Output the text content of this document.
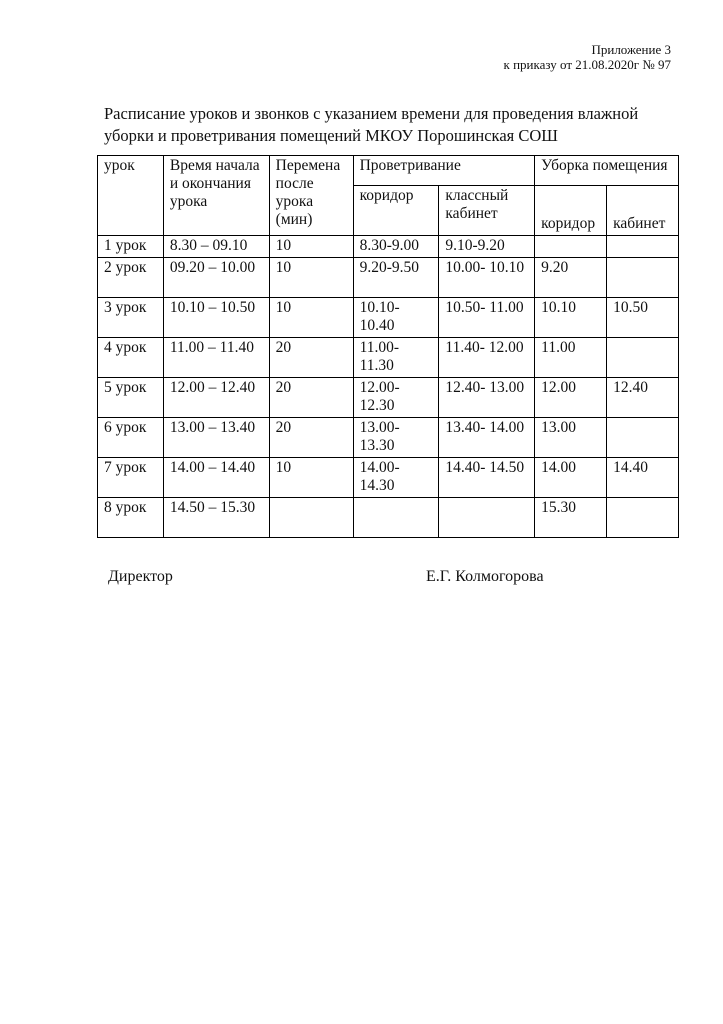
Приложение 3
к приказу от 21.08.2020г № 97
Расписание уроков и звонков с указанием времени для проведения влажной
уборки и проветривания помещений МКОУ Порошинская СОШ
урок	Время начала и окончания урока	Перемена после урока (мин)	Проветривание		Уборка помещения	
			коридор	классный кабинет	коридор	кабинет
1 урок	8.30 – 09.10	10	8.30-9.00	9.10-9.20		
2 урок	09.20 – 10.00	10	9.20-9.50	10.00- 10.10	9.20	
3 урок	10.10 – 10.50	10	10.10- 10.40	10.50- 11.00	10.10	10.50
4 урок	11.00 – 11.40	20	11.00- 11.30	11.40- 12.00	11.00	
5 урок	12.00 – 12.40	20	12.00- 12.30	12.40- 13.00	12.00	12.40
6 урок	13.00 – 13.40	20	13.00- 13.30	13.40- 14.00	13.00	
7 урок	14.00 – 14.40	10	14.00- 14.30	14.40- 14.50	14.00	14.40
8 урок	14.50 – 15.30				15.30	
Директор	Е.Г. Колмогорова
